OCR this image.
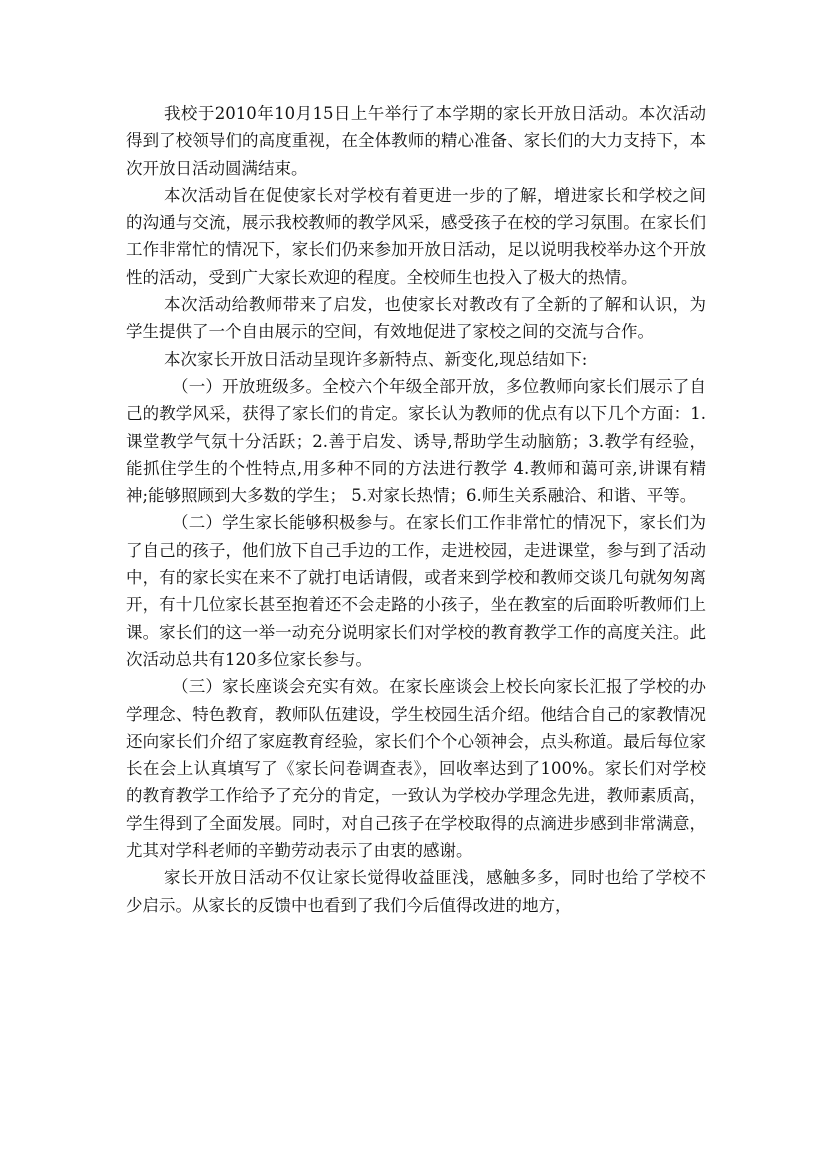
我校于2010年10月15日上午举行了本学期的家长开放日活动。本次活动得到了校领导们的高度重视，在全体教师的精心准备、家长们的大力支持下，本次开放日活动圆满结束。

本次活动旨在促使家长对学校有着更进一步的了解，增进家长和学校之间的沟通与交流，展示我校教师的教学风采，感受孩子在校的学习氛围。在家长们工作非常忙的情况下，家长们仍来参加开放日活动，足以说明我校举办这个开放性的活动，受到广大家长欢迎的程度。全校师生也投入了极大的热情。

本次活动给教师带来了启发，也使家长对教改有了全新的了解和认识，为学生提供了一个自由展示的空间，有效地促进了家校之间的交流与合作。

本次家长开放日活动呈现许多新特点、新变化,现总结如下:

（一）开放班级多。全校六个年级全部开放，多位教师向家长们展示了自己的教学风采，获得了家长们的肯定。家长认为教师的优点有以下几个方面：1.课堂教学气氛十分活跃；2.善于启发、诱导,帮助学生动脑筋；3.教学有经验，能抓住学生的个性特点,用多种不同的方法进行教学 4.教师和蔼可亲,讲课有精神;能够照顾到大多数的学生； 5.对家长热情；6.师生关系融洽、和谐、平等。

（二）学生家长能够积极参与。在家长们工作非常忙的情况下，家长们为了自己的孩子，他们放下自己手边的工作，走进校园，走进课堂，参与到了活动中，有的家长实在来不了就打电话请假，或者来到学校和教师交谈几句就匆匆离开，有十几位家长甚至抱着还不会走路的小孩子，坐在教室的后面聆听教师们上课。家长们的这一举一动充分说明家长们对学校的教育教学工作的高度关注。此次活动总共有120多位家长参与。

（三）家长座谈会充实有效。在家长座谈会上校长向家长汇报了学校的办学理念、特色教育，教师队伍建设，学生校园生活介绍。他结合自己的家教情况还向家长们介绍了家庭教育经验，家长们个个心领神会，点头称道。最后每位家长在会上认真填写了《家长问卷调查表》，回收率达到了100%。家长们对学校的教育教学工作给予了充分的肯定，一致认为学校办学理念先进，教师素质高，学生得到了全面发展。同时，对自己孩子在学校取得的点滴进步感到非常满意，尤其对学科老师的辛勤劳动表示了由衷的感谢。

家长开放日活动不仅让家长觉得收益匪浅，感触多多，同时也给了学校不少启示。从家长的反馈中也看到了我们今后值得改进的地方，
